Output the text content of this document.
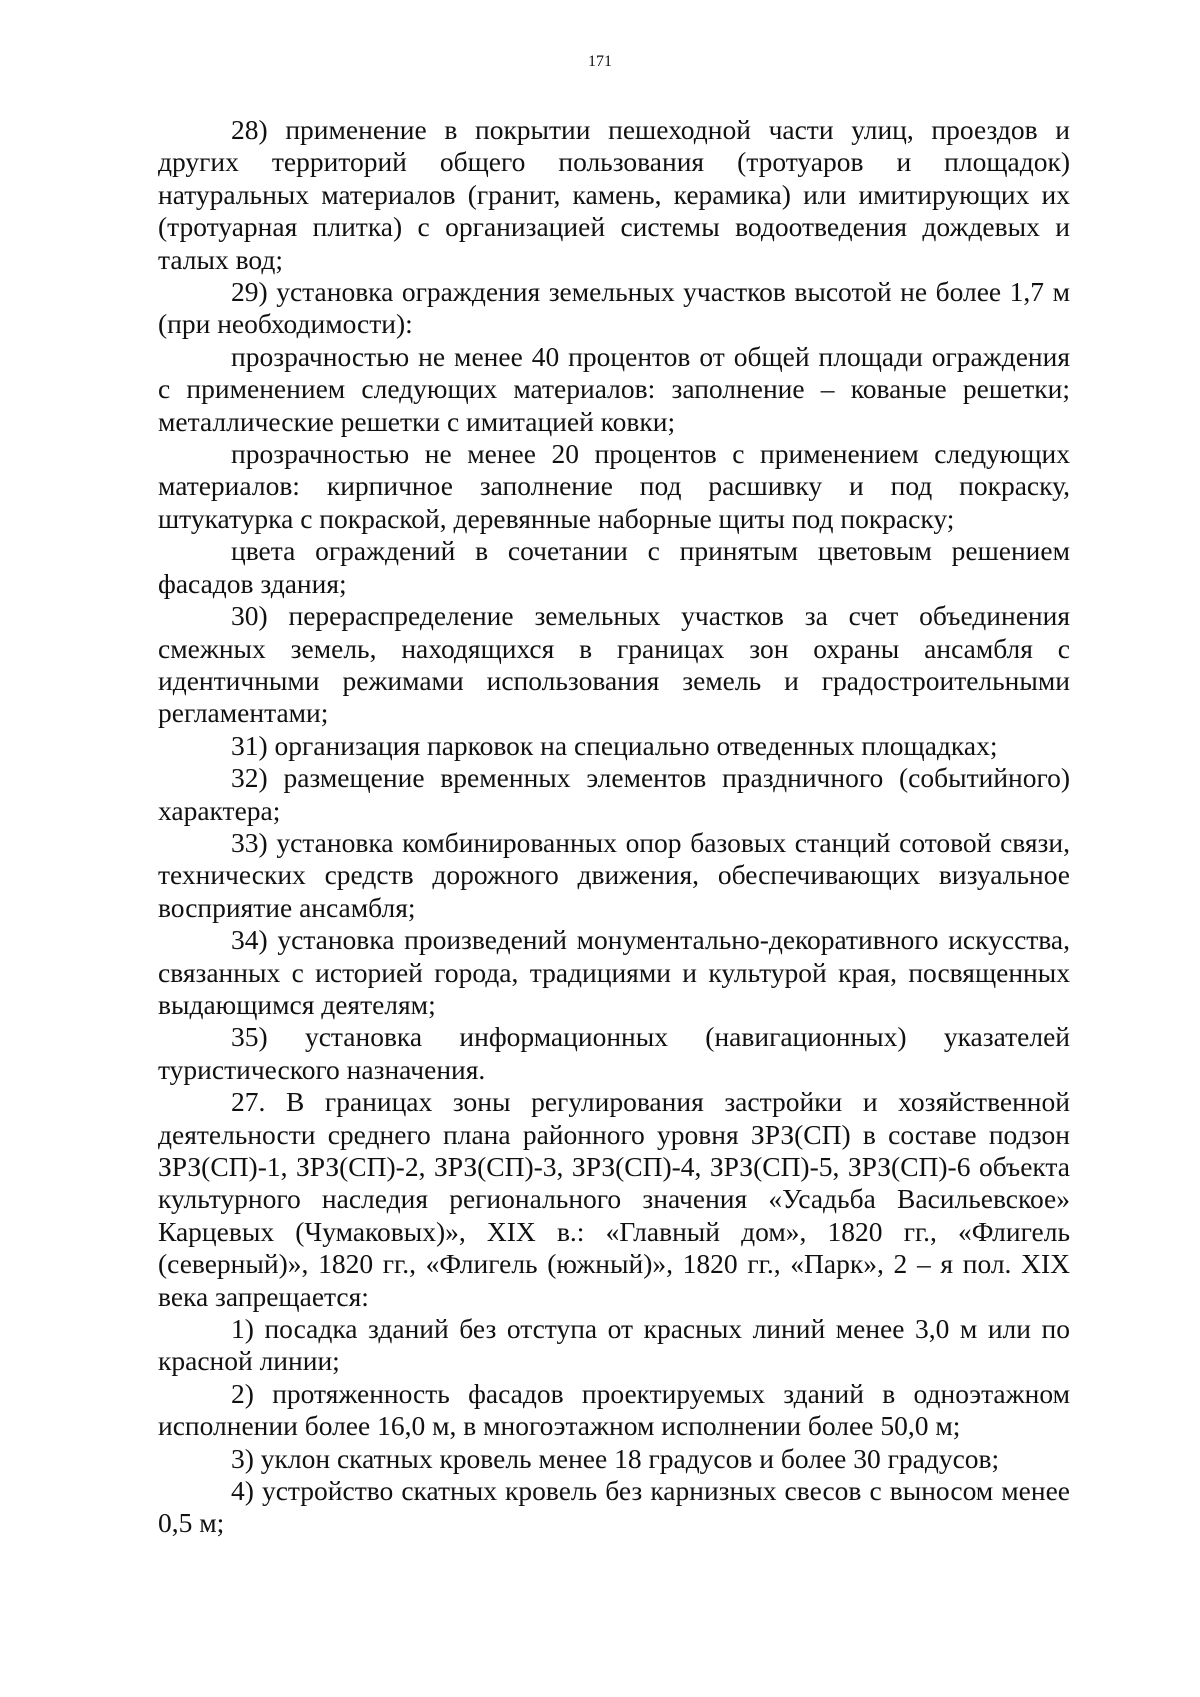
171

28) применение в покрытии пешеходной части улиц, проездов и других территорий общего пользования (тротуаров и площадок) натуральных материалов (гранит, камень, керамика) или имитирующих их (тротуарная плитка) с организацией системы водоотведения дождевых и талых вод;

29) установка ограждения земельных участков высотой не более 1,7 м (при необходимости):

прозрачностью не менее 40 процентов от общей площади ограждения с применением следующих материалов: заполнение – кованые решетки; металлические решетки с имитацией ковки;

прозрачностью не менее 20 процентов с применением следующих материалов: кирпичное заполнение под расшивку и под покраску, штукатурка с покраской, деревянные наборные щиты под покраску;

цвета ограждений в сочетании с принятым цветовым решением фасадов здания;

30) перераспределение земельных участков за счет объединения смежных земель, находящихся в границах зон охраны ансамбля с идентичными режимами использования земель и градостроительными регламентами;

31) организация парковок на специально отведенных площадках;

32) размещение временных элементов праздничного (событийного) характера;

33) установка комбинированных опор базовых станций сотовой связи, технических средств дорожного движения, обеспечивающих визуальное восприятие ансамбля;

34) установка произведений монументально-декоративного искусства, связанных с историей города, традициями и культурой края, посвященных выдающимся деятелям;

35) установка информационных (навигационных) указателей туристического назначения.

27. В границах зоны регулирования застройки и хозяйственной деятельности среднего плана районного уровня ЗРЗ(СП) в составе подзон ЗРЗ(СП)-1, ЗРЗ(СП)-2, ЗРЗ(СП)-3, ЗРЗ(СП)-4, ЗРЗ(СП)-5, ЗРЗ(СП)-6 объекта культурного наследия регионального значения «Усадьба Васильевское» Карцевых (Чумаковых)», XIX в.: «Главный дом», 1820 гг., «Флигель (северный)», 1820 гг., «Флигель (южный)», 1820 гг., «Парк», 2 – я пол. XIX века запрещается:

1) посадка зданий без отступа от красных линий менее 3,0 м или по красной линии;

2) протяженность фасадов проектируемых зданий в одноэтажном исполнении более 16,0 м, в многоэтажном исполнении более 50,0 м;

3) уклон скатных кровель менее 18 градусов и более 30 градусов;

4) устройство скатных кровель без карнизных свесов с выносом менее 0,5 м;
